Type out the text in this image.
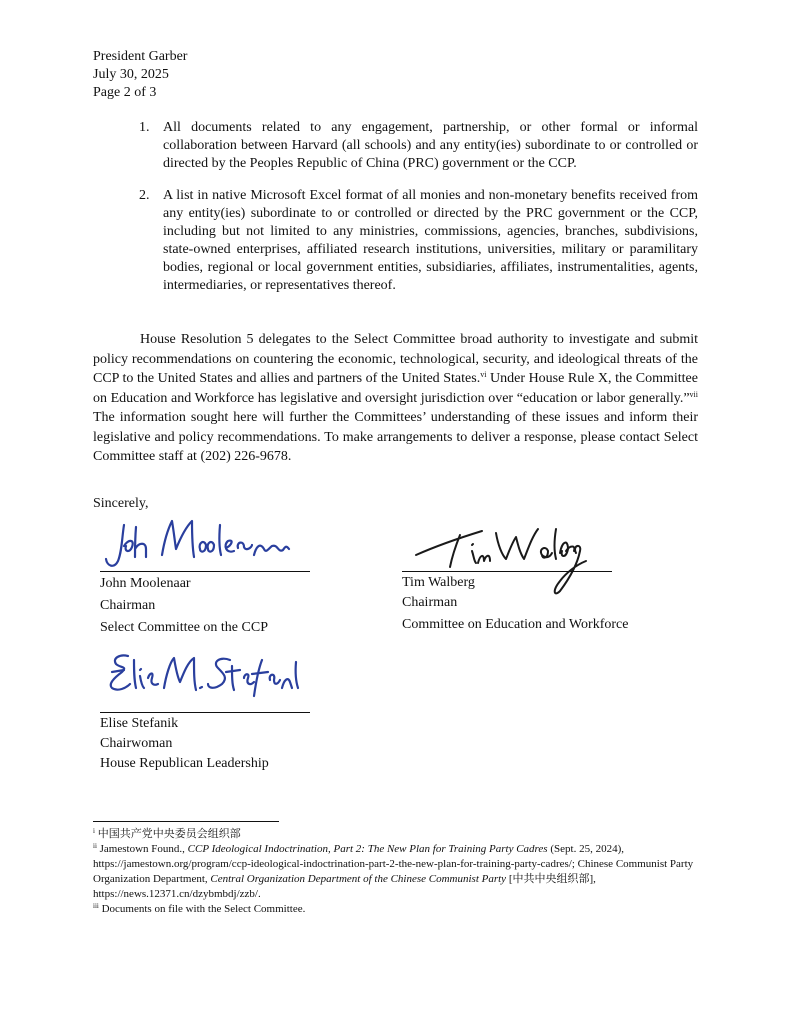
President Garber
July 30, 2025
Page 2 of 3
1. All documents related to any engagement, partnership, or other formal or informal collaboration between Harvard (all schools) and any entity(ies) subordinate to or controlled or directed by the Peoples Republic of China (PRC) government or the CCP.
2. A list in native Microsoft Excel format of all monies and non-monetary benefits received from any entity(ies) subordinate to or controlled or directed by the PRC government or the CCP, including but not limited to any ministries, commissions, agencies, branches, subdivisions, state-owned enterprises, affiliated research institutions, universities, military or paramilitary bodies, regional or local government entities, subsidiaries, affiliates, instrumentalities, agents, intermediaries, or representatives thereof.

House Resolution 5 delegates to the Select Committee broad authority to investigate and submit policy recommendations on countering the economic, technological, security, and ideological threats of the CCP to the United States and allies and partners of the United States.$^{vi}$ Under House Rule X, the Committee on Education and Workforce has legislative and oversight jurisdiction over “education or labor generally.”$^{vii}$ The information sought here will further the Committees’ understanding of these issues and inform their legislative and policy recommendations. To make arrangements to deliver a response, please contact Select Committee staff at (202) 226-9678.

Sincerely,
John Moolenaar
Chairman
Select Committee on the CCP
Tim Walberg
Chairman
Committee on Education and Workforce
Elise Stefanik
Chairwoman
House Republican Leadership

$^i$ 中国共产党中央委员会组织部

$^{ii}$ Jamestown Found., CCP Ideological Indoctrination, Part 2: The New Plan for Training Party Cadres (Sept. 25, 2024), https://jamestown.org/program/ccp-ideological-indoctrination-part-2-the-new-plan-for-training-party-cadres/; Chinese Communist Party Organization Department, Central Organization Department of the Chinese Communist Party [中共中央组织部], https://news.12371.cn/dzybmbdj/zzb/.

$^{iii}$ Documents on file with the Select Committee.
